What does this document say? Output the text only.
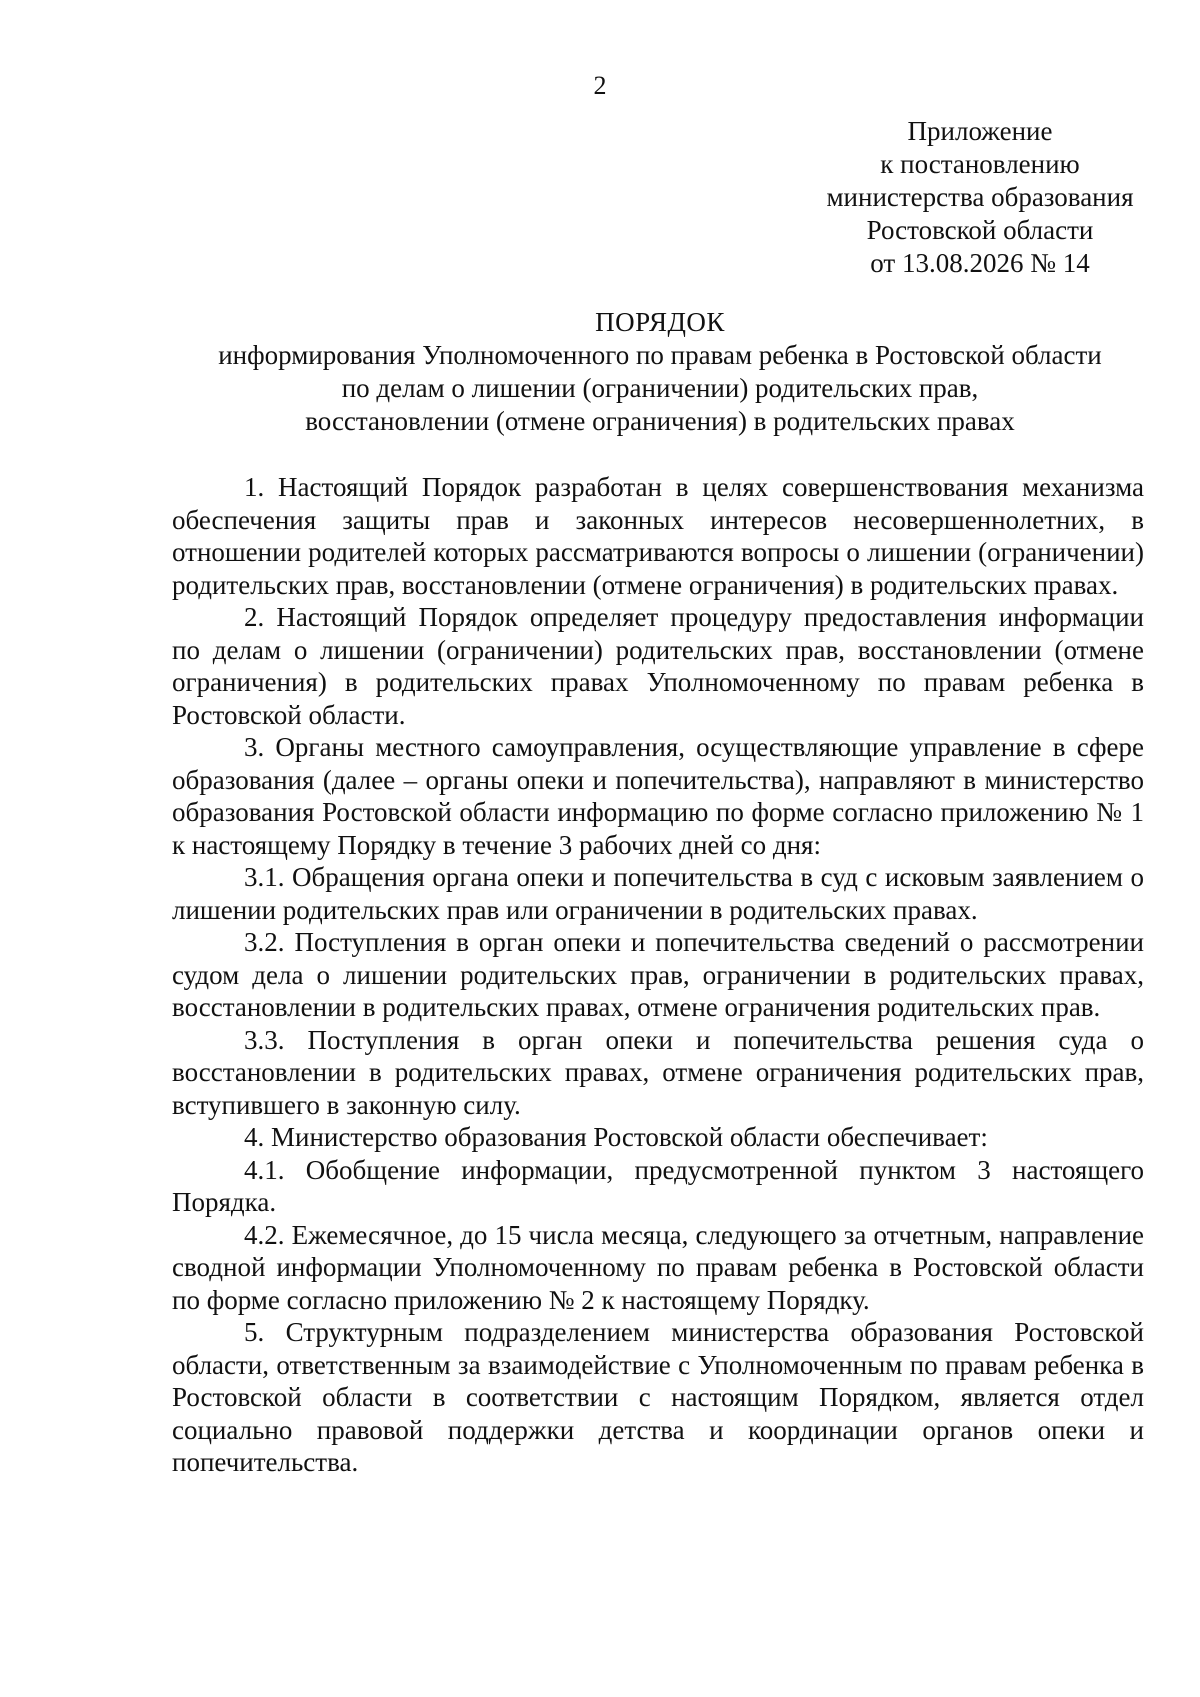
2
Приложение
к постановлению
министерства образования
Ростовской области
от 13.08.2026 № 14
ПОРЯДОК
информирования Уполномоченного по правам ребенка в Ростовской области
по делам о лишении (ограничении) родительских прав,
восстановлении (отмене ограничения) в родительских правах

1. Настоящий Порядок разработан в целях совершенствования механизма обеспечения защиты прав и законных интересов несовершеннолетних, в отношении родителей которых рассматриваются вопросы о лишении (ограничении) родительских прав, восстановлении (отмене ограничения) в родительских правах.

2. Настоящий Порядок определяет процедуру предоставления информации по делам о лишении (ограничении) родительских прав, восстановлении (отмене ограничения) в родительских правах Уполномоченному по правам ребенка в Ростовской области.

3. Органы местного самоуправления, осуществляющие управление в сфере образования (далее – органы опеки и попечительства), направляют в министерство образования Ростовской области информацию по форме согласно приложению № 1 к настоящему Порядку в течение 3 рабочих дней со дня:

3.1. Обращения органа опеки и попечительства в суд с исковым заявлением о лишении родительских прав или ограничении в родительских правах.

3.2. Поступления в орган опеки и попечительства сведений о рассмотрении судом дела о лишении родительских прав, ограничении в родительских правах, восстановлении в родительских правах, отмене ограничения родительских прав.

3.3. Поступления в орган опеки и попечительства решения суда о восстановлении в родительских правах, отмене ограничения родительских прав, вступившего в законную силу.

4. Министерство образования Ростовской области обеспечивает:

4.1. Обобщение информации, предусмотренной пунктом 3 настоящего Порядка.

4.2. Ежемесячное, до 15 числа месяца, следующего за отчетным, направление сводной информации Уполномоченному по правам ребенка в Ростовской области по форме согласно приложению № 2 к настоящему Порядку.

5. Структурным подразделением министерства образования Ростовской области, ответственным за взаимодействие с Уполномоченным по правам ребенка в Ростовской области в соответствии с настоящим Порядком, является отдел социально правовой поддержки детства и координации органов опеки и попечительства.
